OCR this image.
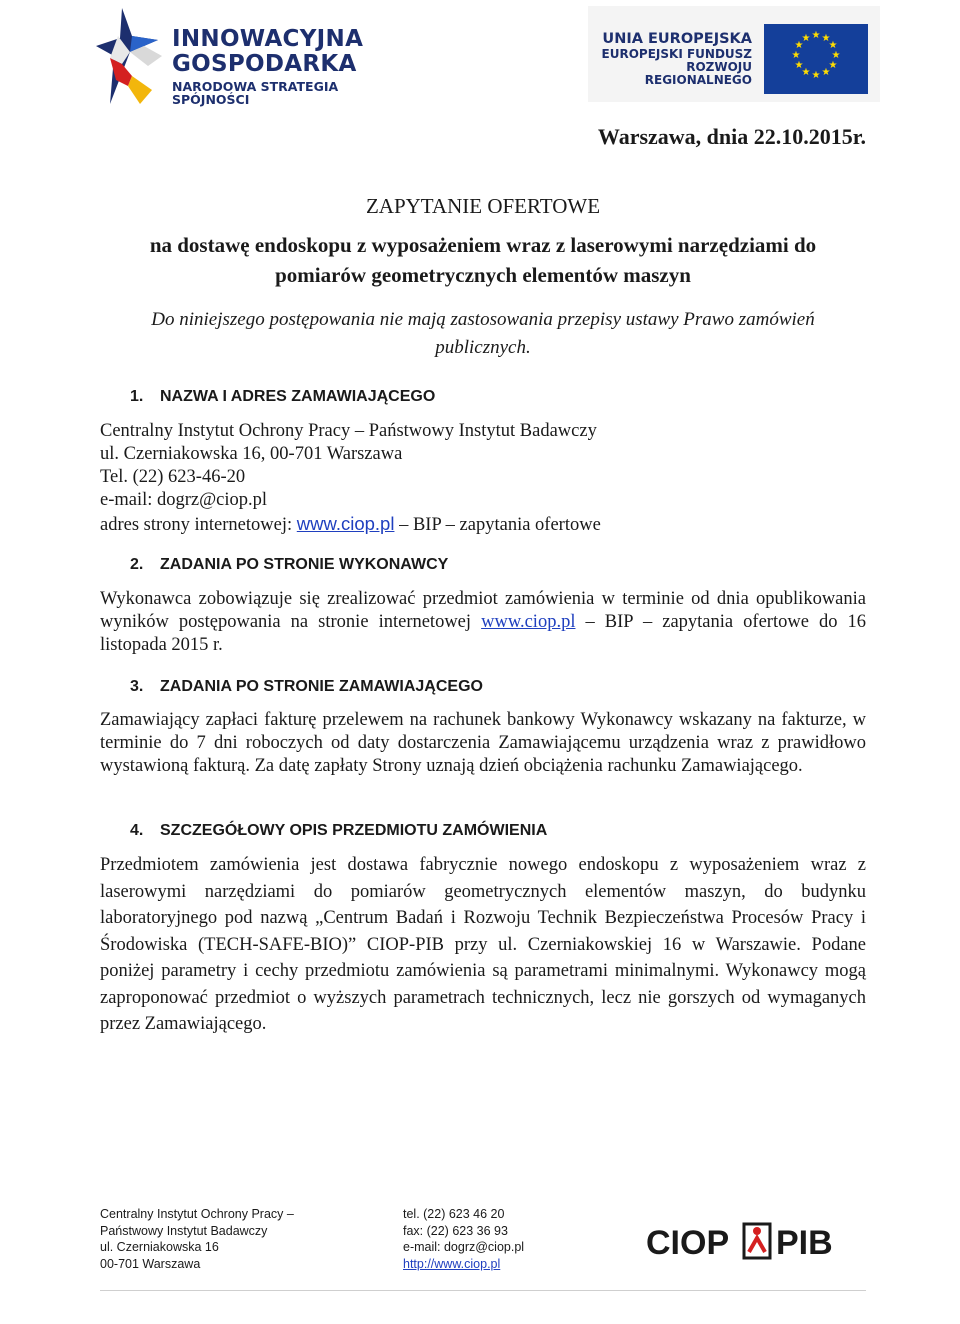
INNOWACYJNA
GOSPODARKA
NARODOWA STRATEGIA SPÓJNOŚCI
UNIA EUROPEJSKA
EUROPEJSKI FUNDUSZ
ROZWOJU REGIONALNEGO
★ ★
★
★
★
★
★
★
★
★
★
★
Warszawa, dnia 22.10.2015r.
ZAPYTANIE OFERTOWE
na dostawę endoskopu z wyposażeniem wraz z laserowymi narzędziami do
pomiarów geometrycznych elementów maszyn
Do niniejszego postępowania nie mają zastosowania przepisy ustawy Prawo zamówień
publicznych.
1. NAZWA I ADRES ZAMAWIAJĄCEGO
Centralny Instytut Ochrony Pracy – Państwowy Instytut Badawczy
ul. Czerniakowska 16, 00-701 Warszawa
Tel. (22) 623-46-20
e-mail: dogrz@ciop.pl
adres strony internetowej: www.ciop.pl – BIP – zapytania ofertowe
2. ZADANIA PO STRONIE WYKONAWCY
Wykonawca zobowiązuje się zrealizować przedmiot zamówienia w terminie od dnia opublikowania wyników postępowania na stronie internetowej www.ciop.pl – BIP – zapytania ofertowe do 16 listopada 2015 r.
3. ZADANIA PO STRONIE ZAMAWIAJĄCEGO
Zamawiający zapłaci fakturę przelewem na rachunek bankowy Wykonawcy wskazany na fakturze, w terminie do 7 dni roboczych od daty dostarczenia Zamawiającemu urządzenia wraz z prawidłowo wystawioną fakturą. Za datę zapłaty Strony uznają dzień obciążenia rachunku Zamawiającego.
4. SZCZEGÓŁOWY OPIS PRZEDMIOTU ZAMÓWIENIA
Przedmiotem zamówienia jest dostawa fabrycznie nowego endoskopu z wyposażeniem wraz z laserowymi narzędziami do pomiarów geometrycznych elementów maszyn, do budynku laboratoryjnego pod nazwą „Centrum Badań i Rozwoju Technik Bezpieczeństwa Procesów Pracy i Środowiska (TECH-SAFE-BIO)” CIOP-PIB przy ul. Czerniakowskiej 16 w Warszawie. Podane poniżej parametry i cechy przedmiotu zamówienia są parametrami minimalnymi. Wykonawcy mogą zaproponować przedmiot o wyższych parametrach technicznych, lecz nie gorszych od wymaganych przez Zamawiającego.
Centralny Instytut Ochrony Pracy –
Państwowy Instytut Badawczy
ul. Czerniakowska 16
00-701 Warszawa
tel. (22) 623 46 20
fax: (22) 623 36 93
e-mail: dogrz@ciop.pl
http://www.ciop.pl
CIOP PIB
